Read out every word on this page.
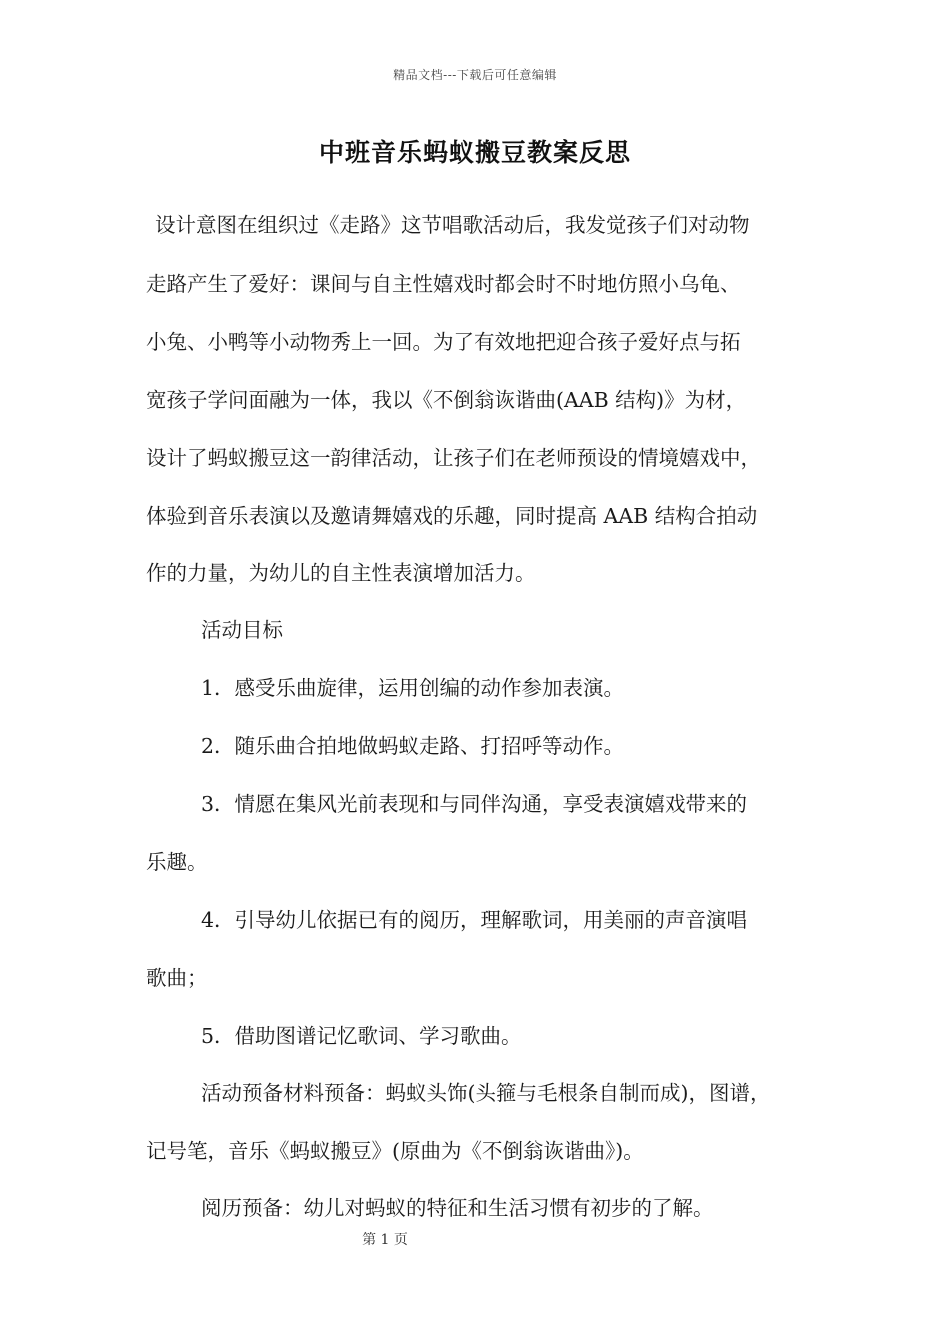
精品文档---下载后可任意编辑
中班音乐蚂蚁搬豆教案反思
设计意图在组织过《走路》这节唱歌活动后，我发觉孩子们对动物
走路产生了爱好：课间与自主性嬉戏时都会时不时地仿照小乌龟、
小兔、小鸭等小动物秀上一回。为了有效地把迎合孩子爱好点与拓
宽孩子学问面融为一体，我以《不倒翁诙谐曲(AAB 结构)》为材，
设计了蚂蚁搬豆这一韵律活动，让孩子们在老师预设的情境嬉戏中，
体验到音乐表演以及邀请舞嬉戏的乐趣，同时提高 AAB 结构合拍动
作的力量，为幼儿的自主性表演增加活力。
活动目标
1．感受乐曲旋律，运用创编的动作参加表演。
2．随乐曲合拍地做蚂蚁走路、打招呼等动作。
3．情愿在集风光前表现和与同伴沟通，享受表演嬉戏带来的
乐趣。
4．引导幼儿依据已有的阅历，理解歌词，用美丽的声音演唱
歌曲；
5．借助图谱记忆歌词、学习歌曲。
活动预备材料预备：蚂蚁头饰(头箍与毛根条自制而成)，图谱，
记号笔，音乐《蚂蚁搬豆》(原曲为《不倒翁诙谐曲》)。
阅历预备：幼儿对蚂蚁的特征和生活习惯有初步的了解。
第 1 页
